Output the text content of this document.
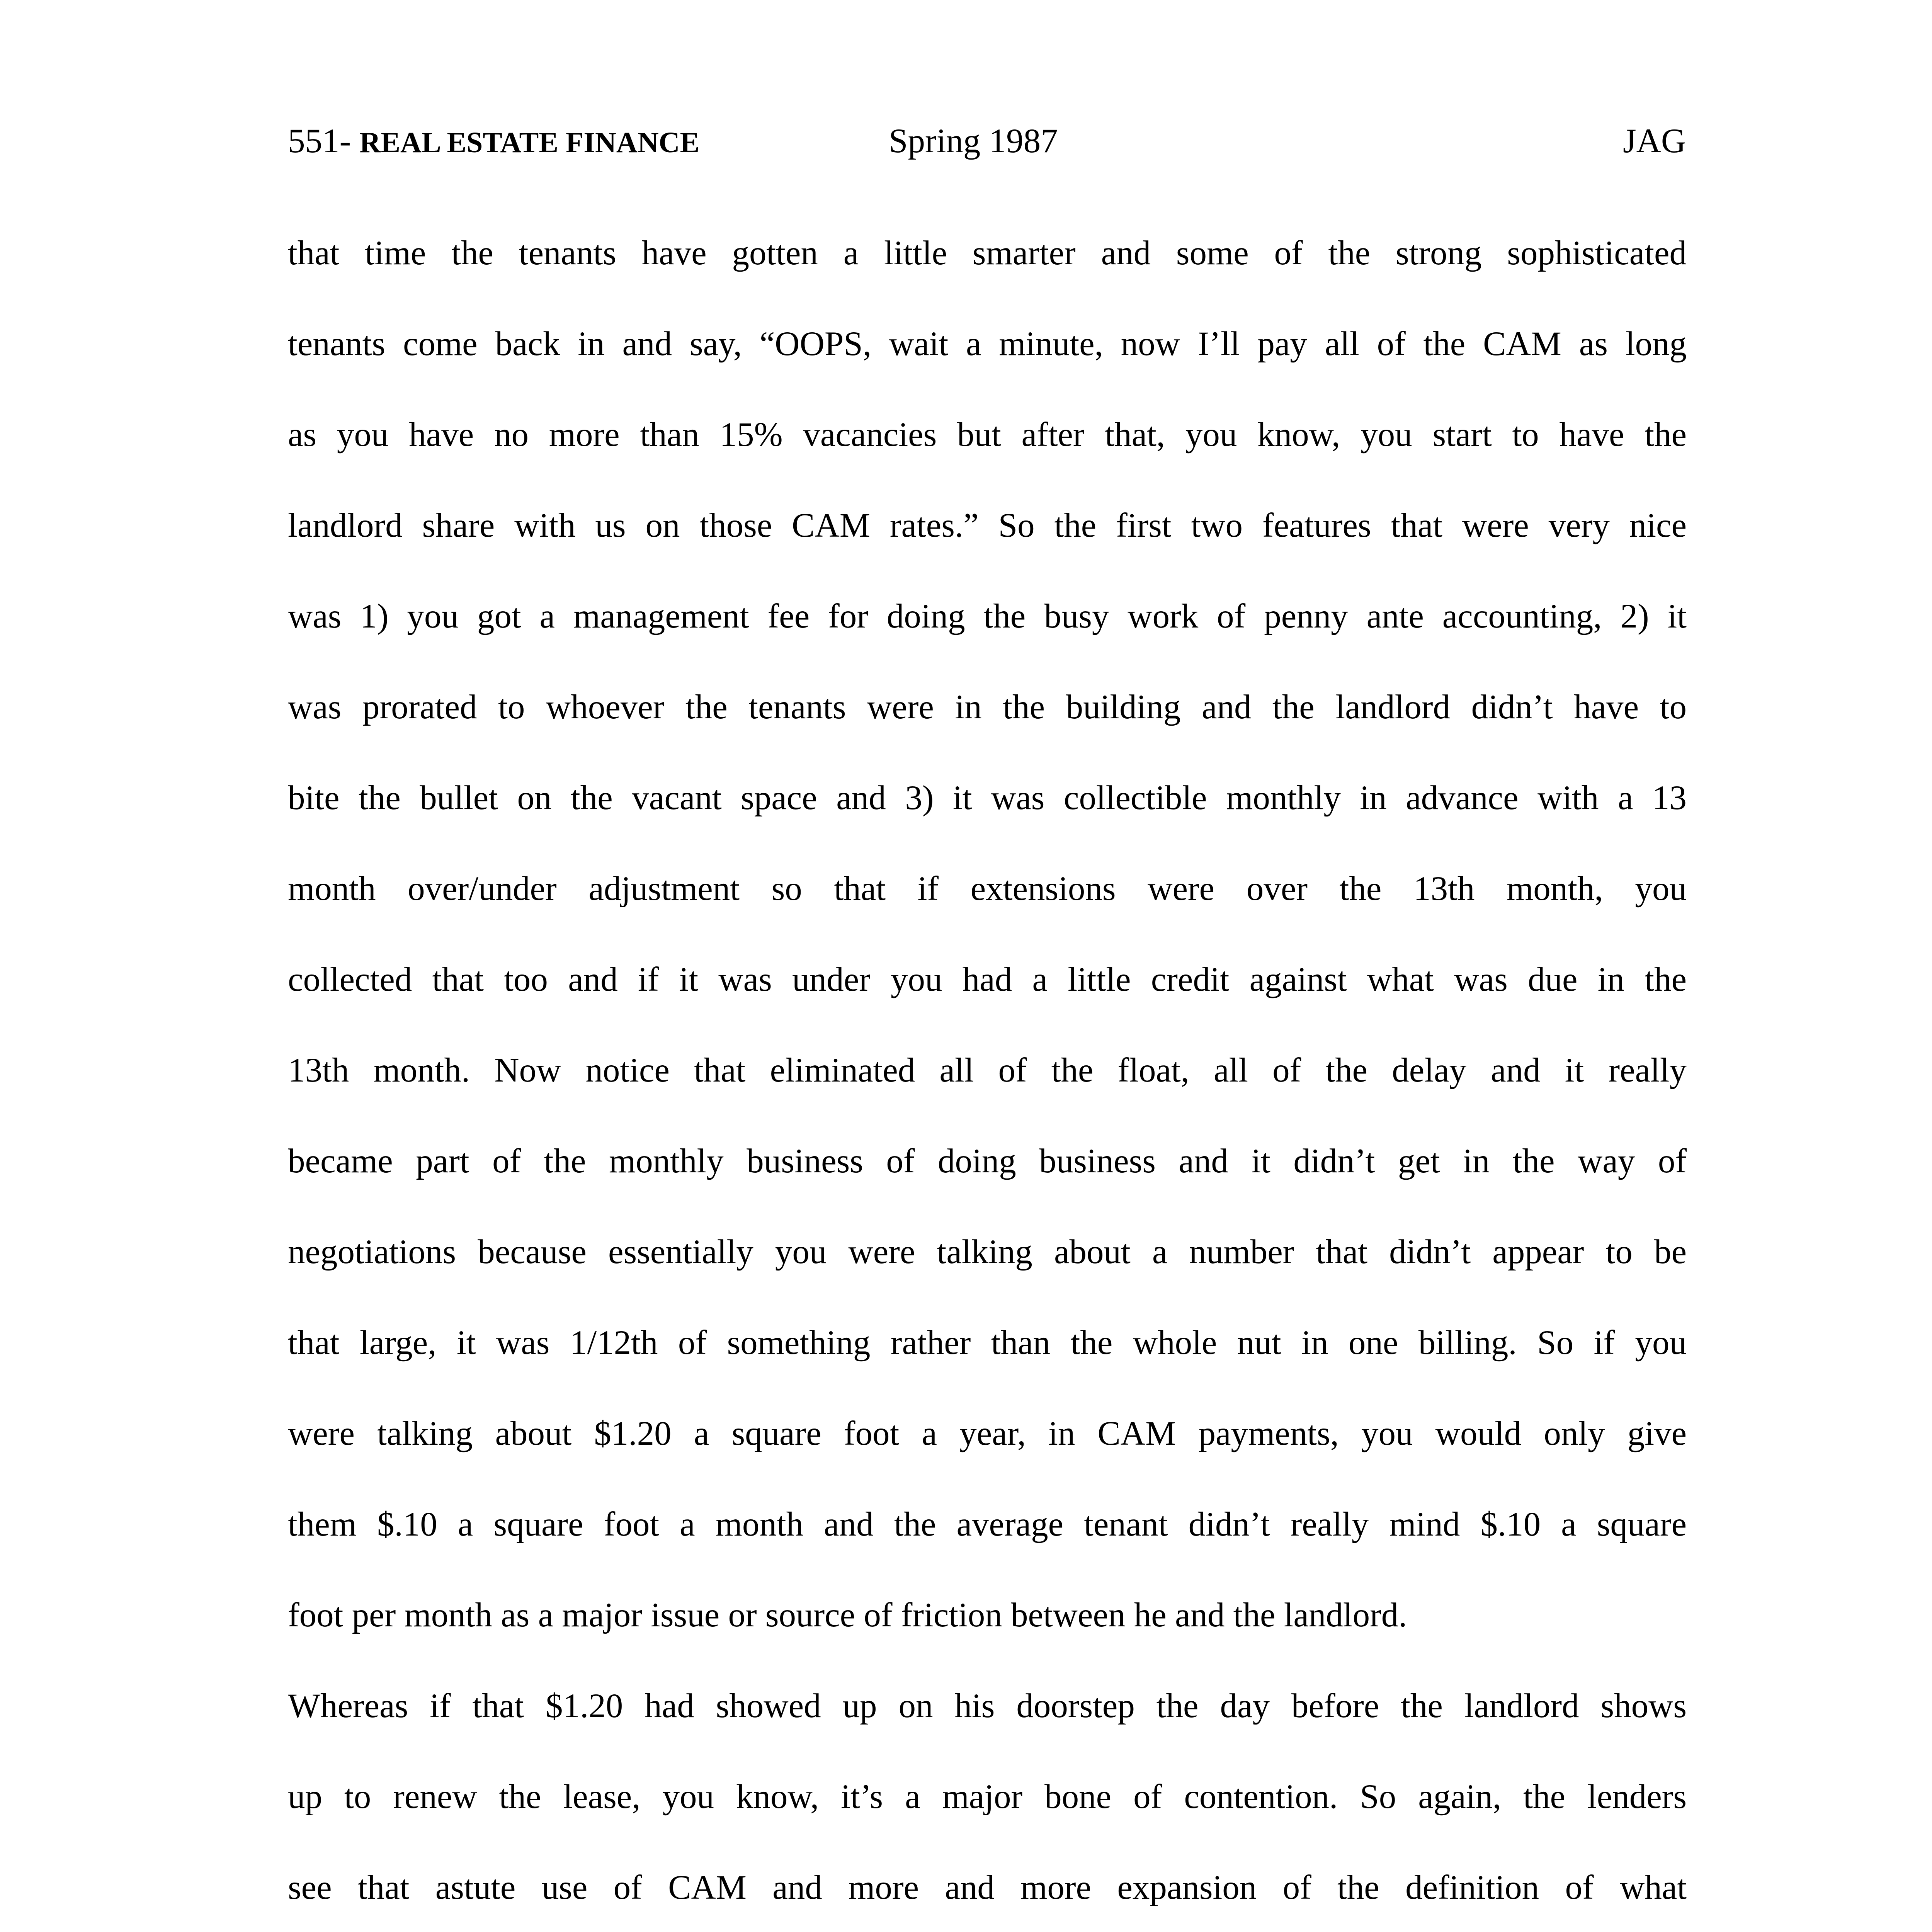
551- REAL ESTATE FINANCE	Spring 1987	JAG
that time the tenants have gotten a little smarter and some of the strong sophisticated
tenants come back in and say, “OOPS, wait a minute, now I’ll pay all of the CAM as long
as you have no more than 15% vacancies but after that, you know, you start to have the
landlord share with us on those CAM rates.” So the first two features that were very nice
was 1) you got a management fee for doing the busy work of penny ante accounting, 2) it
was prorated to whoever the tenants were in the building and the landlord didn’t have to
bite the bullet on the vacant space and 3) it was collectible monthly in advance with a 13
month over/under adjustment so that if extensions were over the 13th month, you
collected that too and if it was under you had a little credit against what was due in the
13th month. Now notice that eliminated all of the float, all of the delay and it really
became part of the monthly business of doing business and it didn’t get in the way of
negotiations because essentially you were talking about a number that didn’t appear to be
that large, it was 1/12th of something rather than the whole nut in one billing. So if you
were talking about $1.20 a square foot a year, in CAM payments, you would only give
them $.10 a square foot a month and the average tenant didn’t really mind $.10 a square
foot per month as a major issue or source of friction between he and the landlord.
Whereas if that $1.20 had showed up on his doorstep the day before the landlord shows
up to renew the lease, you know, it’s a major bone of contention. So again, the lenders
see that astute use of CAM and more and more expansion of the definition of what
